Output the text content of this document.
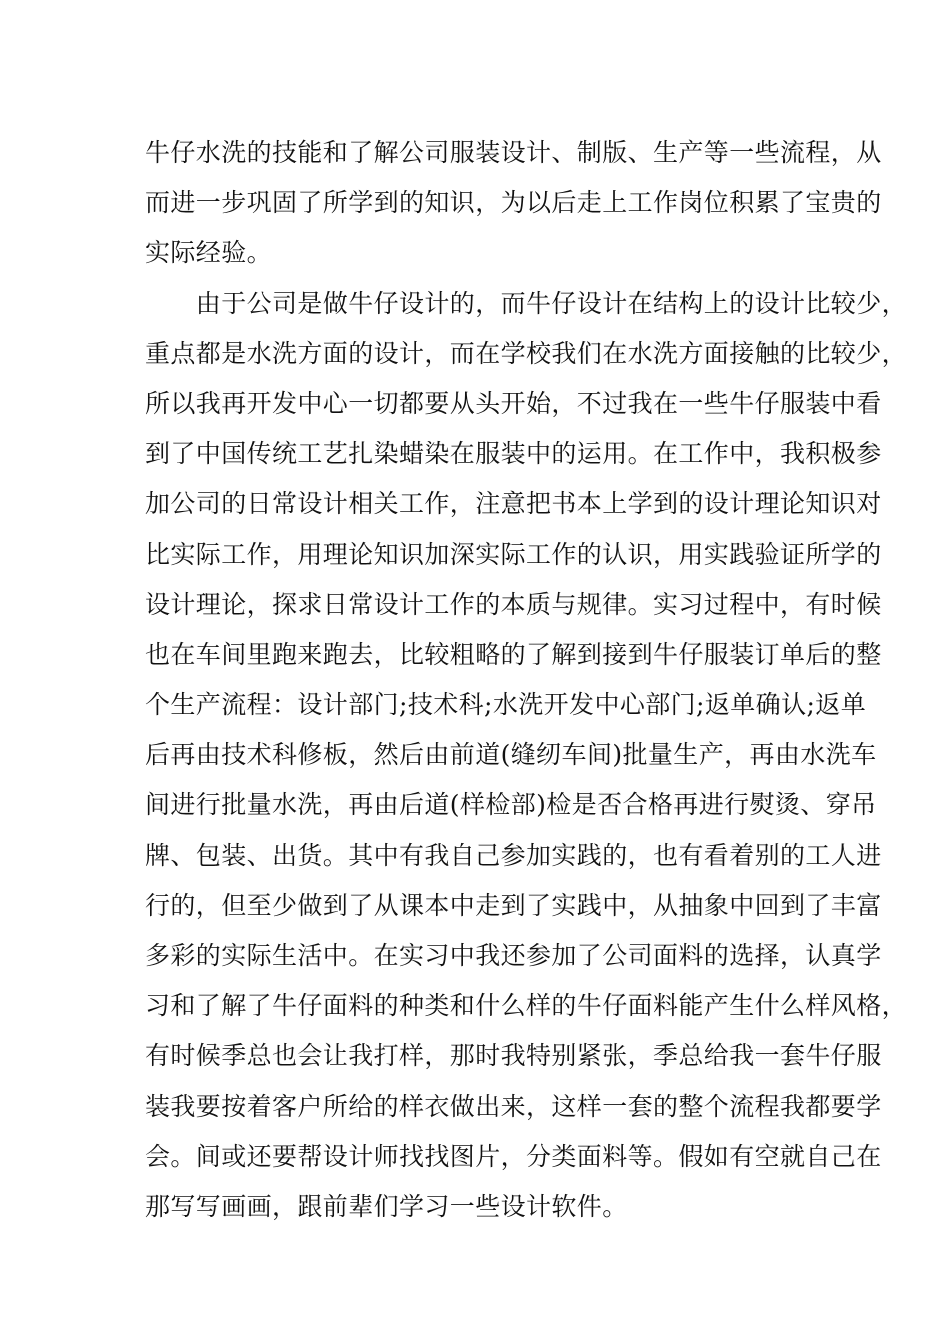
牛仔水洗的技能和了解公司服装设计、制版、生产等一些流程，从
而进一步巩固了所学到的知识，为以后走上工作岗位积累了宝贵的
实际经验。
　　由于公司是做牛仔设计的，而牛仔设计在结构上的设计比较少，
重点都是水洗方面的设计，而在学校我们在水洗方面接触的比较少，
所以我再开发中心一切都要从头开始，不过我在一些牛仔服装中看
到了中国传统工艺扎染蜡染在服装中的运用。在工作中，我积极参
加公司的日常设计相关工作，注意把书本上学到的设计理论知识对
比实际工作，用理论知识加深实际工作的认识，用实践验证所学的
设计理论，探求日常设计工作的本质与规律。实习过程中，有时候
也在车间里跑来跑去，比较粗略的了解到接到牛仔服装订单后的整
个生产流程：设计部门;技术科;水洗开发中心部门;返单确认;返单
后再由技术科修板，然后由前道(缝纫车间)批量生产，再由水洗车
间进行批量水洗，再由后道(样检部)检是否合格再进行熨烫、穿吊
牌、包装、出货。其中有我自己参加实践的，也有看着别的工人进
行的，但至少做到了从课本中走到了实践中，从抽象中回到了丰富
多彩的实际生活中。在实习中我还参加了公司面料的选择，认真学
习和了解了牛仔面料的种类和什么样的牛仔面料能产生什么样风格，
有时候季总也会让我打样，那时我特别紧张，季总给我一套牛仔服
装我要按着客户所给的样衣做出来，这样一套的整个流程我都要学
会。间或还要帮设计师找找图片，分类面料等。假如有空就自己在
那写写画画，跟前辈们学习一些设计软件。
